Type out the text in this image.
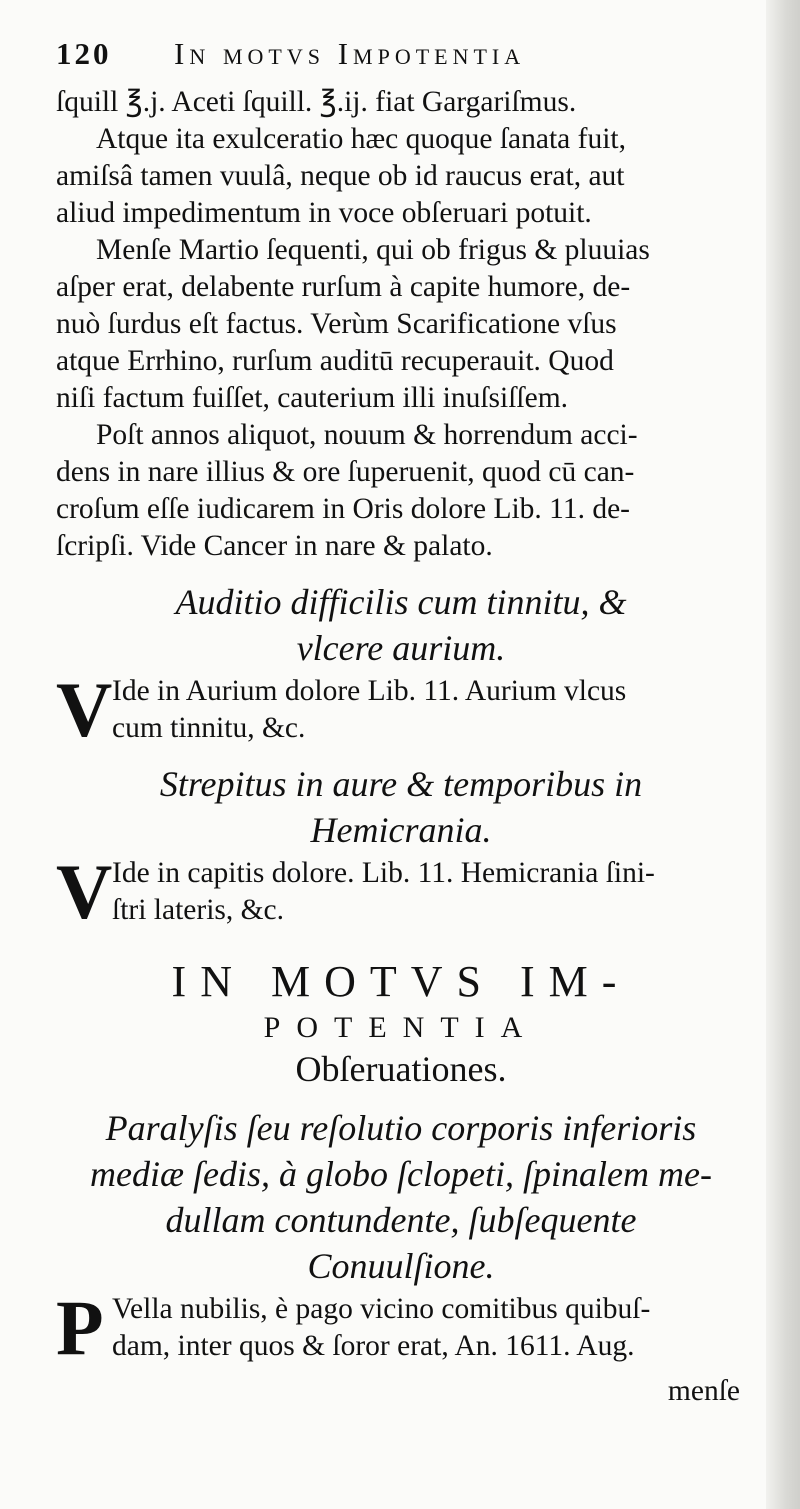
120	In motvs Impotentia

ſquill ℥.j. Aceti ſquill. ℥.ij. fiat Gargariſmus.

Atque ita exulceratio hæc quoque ſanata fuit,
amiſsâ tamen vuulâ, neque ob id raucus erat, aut
aliud impedimentum in voce obſeruari potuit.

Menſe Martio ſequenti, qui ob frigus & pluuias
aſper erat, delabente rurſum à capite humore, de-
nuò ſurdus eſt factus. Verùm Scarificatione vſus
atque Errhino, rurſum auditū recuperauit. Quod
niſi factum fuiſſet, cauterium illi inuſsiſſem.

Poſt annos aliquot, nouum & horrendum acci-
dens in nare illius & ore ſuperuenit, quod cū can-
croſum eſſe iudicarem in Oris dolore Lib. 11. de-
ſcripſi. Vide Cancer in nare & palato.

Auditio difficilis cum tinnitu, &
vlcere aurium.
V Ide in Aurium dolore Lib. 11. Aurium vlcus
cum tinnitu, &c.
Strepitus in aure & temporibus in
Hemicrania.
V Ide in capitis dolore. Lib. 11. Hemicrania ſini-
ſtri lateris, &c.
IN MOTVS IM-
POTENTIA
Obſeruationes.
Paralyſis ſeu reſolutio corporis inferioris
mediæ ſedis, à globo ſclopeti, ſpinalem me-
dullam contundente, ſubſequente
Conuulſione.
P Vella nubilis, è pago vicino comitibus quibuſ-
dam, inter quos & ſoror erat, An. 1611. Aug.
menſe
